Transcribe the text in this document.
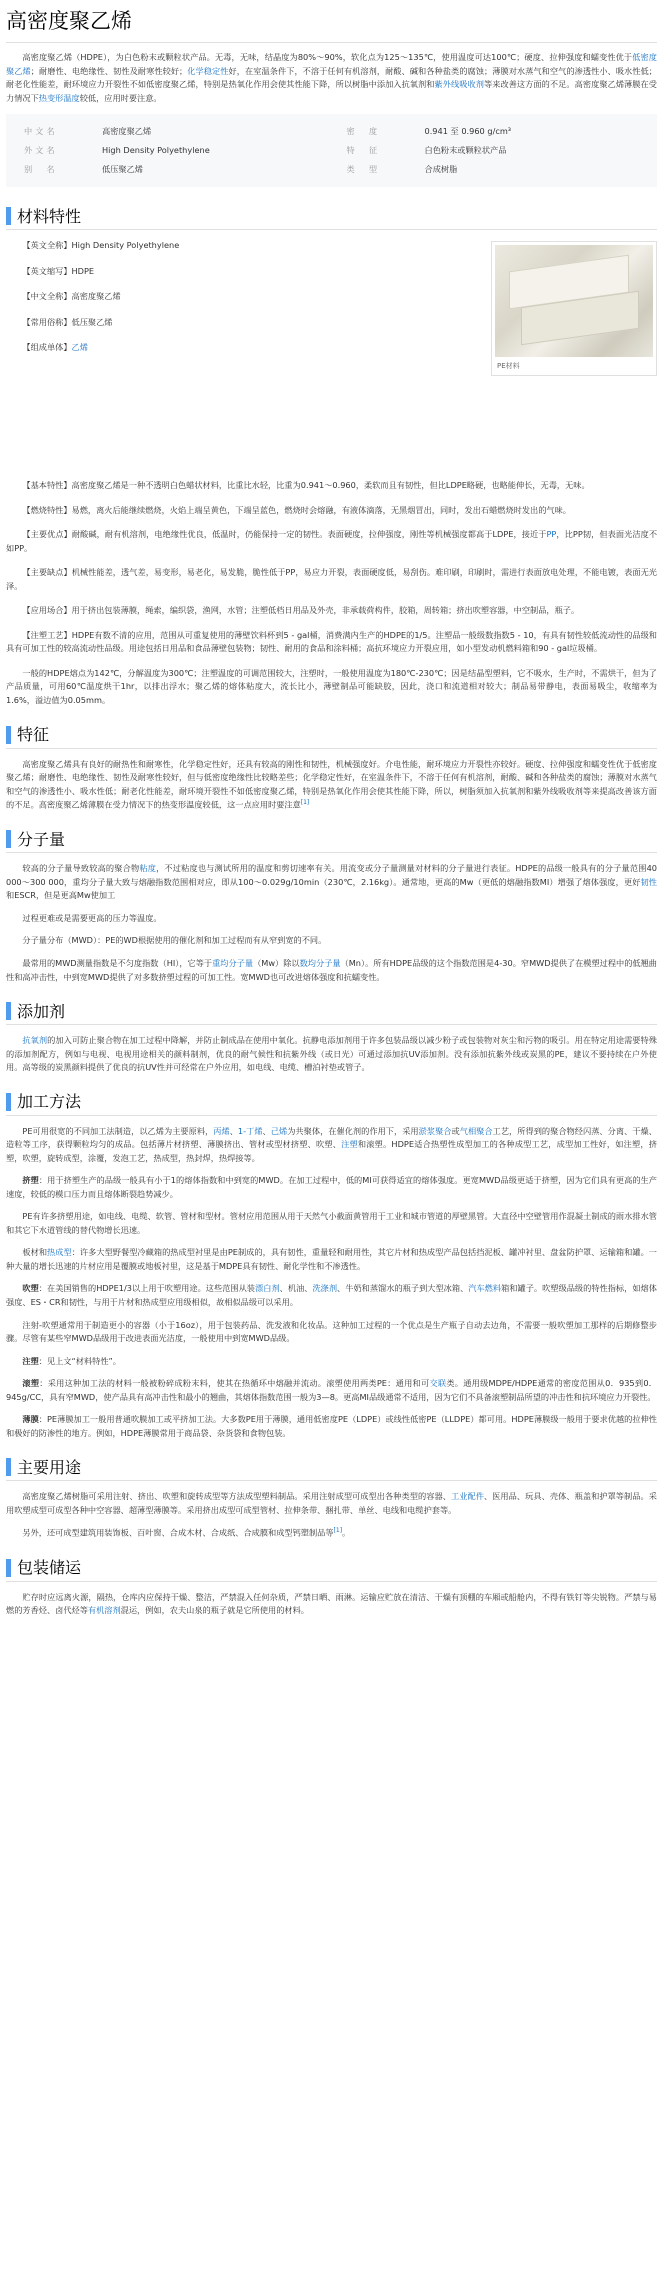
高密度聚乙烯

高密度聚乙烯（HDPE），为白色粉末或颗粒状产品。无毒，无味，结晶度为80%～90%，软化点为125～135℃，使用温度可达100℃；硬度、拉伸强度和蠕变性优于低密度聚乙烯；耐磨性、电绝缘性、韧性及耐寒性较好；化学稳定性好，在室温条件下，不溶于任何有机溶剂，耐酸、碱和各种盐类的腐蚀；薄膜对水蒸气和空气的渗透性小、吸水性低；耐老化性能差，耐环境应力开裂性不如低密度聚乙烯，特别是热氧化作用会使其性能下降，所以树脂中添加入抗氧剂和紫外线吸收剂等来改善这方面的不足。高密度聚乙烯薄膜在受力情况下热变形温度较低，应用时要注意。

中文名	高密度聚乙烯	密　度	0.941 至 0.960 g/cm³
外文名	High Density Polyethylene	特　征	白色粉末或颗粒状产品
别　名	低压聚乙烯	类　型	合成树脂
材料特性
PE材料

【英文全称】High Density Polyethylene

【英文缩写】HDPE

【中文全称】高密度聚乙烯

【常用俗称】低压聚乙烯

【组成单体】乙烯

【基本特性】高密度聚乙烯是一种不透明白色蜡状材料，比重比水轻，比重为0.941～0.960，柔软而且有韧性，但比LDPE略硬，也略能伸长，无毒，无味。

【燃烧特性】易燃，离火后能继续燃烧，火焰上端呈黄色，下端呈蓝色，燃烧时会熔融，有液体滴落，无黑烟冒出，同时，发出石蜡燃烧时发出的气味。

【主要优点】耐酸碱，耐有机溶剂，电绝缘性优良，低温时，仍能保持一定的韧性。表面硬度，拉伸强度，刚性等机械强度都高于LDPE，接近于PP，比PP韧，但表面光洁度不如PP。

【主要缺点】机械性能差，透气差，易变形，易老化，易发脆，脆性低于PP，易应力开裂，表面硬度低，易刮伤。难印刷，印刷时，需进行表面放电处理，不能电镀，表面无光泽。

【应用场合】用于挤出包装薄膜，绳索，编织袋，渔网，水管；注塑低档日用品及外壳，非承载荷构件，胶箱，周转箱；挤出吹塑容器，中空制品，瓶子。

【注塑工艺】HDPE有数不清的应用，范围从可重复使用的薄壁饮料杯到5 - gal桶，消费满内生产的HDPE的1/5。注塑品一般级数指数5 - 10，有具有韧性较低流动性的品级和具有可加工性的较高流动性品级。用途包括日用品和食品薄壁包装物；韧性、耐用的食品和涂料桶；高抗环境应力开裂应用，如小型发动机燃料箱和90 - gal垃圾桶。

一般的HDPE熔点为142℃，分解温度为300℃；注塑温度的可调范围较大，注塑时，一般使用温度为180℃-230℃；因是结晶型塑料，它不吸水，生产时，不需烘干，但为了产品质量，可用60℃温度烘干1hr，以排出浮水；聚乙烯的熔体粘度大，流长比小，薄壁制品可能缺胶，因此，浇口和流道相对较大；制品易带静电，表面易吸尘，收缩率为1.6%，溢边值为0.05mm。

特征

高密度聚乙烯具有良好的耐热性和耐寒性，化学稳定性好，还具有较高的刚性和韧性，机械强度好。介电性能，耐环境应力开裂性亦较好。硬度、拉伸强度和蠕变性优于低密度聚乙烯；耐磨性、电绝缘性、韧性及耐寒性较好，但与低密度绝缘性比较略差些；化学稳定性好，在室温条件下，不溶于任何有机溶剂，耐酸、碱和各种盐类的腐蚀；薄膜对水蒸气和空气的渗透性小、吸水性低；耐老化性能差，耐环境开裂性不如低密度聚乙烯，特别是热氧化作用会使其性能下降，所以，树脂须加入抗氧剂和紫外线吸收剂等来提高改善该方面的不足。高密度聚乙烯薄膜在受力情况下的热变形温度较低，这一点应用时要注意[1]

分子量

较高的分子量导致较高的聚合物粘度，不过粘度也与测试所用的温度和剪切速率有关。用流变或分子量测量对材料的分子量进行表征。HDPE的品级一般具有的分子量范围40 000～300 000，重均分子量大致与熔融指数范围相对应，即从100～0.029g/10min（230℃，2.16kg）。通常地，更高的Mw（更低的熔融指数MI）增强了熔体强度，更好韧性和ESCR，但是更高Mw使加工

过程更难或是需要更高的压力等温度。

分子量分布（MWD）：PE的WD根据使用的催化剂和加工过程而有从窄到宽的不同。

最常用的MWD测量指数是不匀度指数（HI），它等于重均分子量（Mw）除以数均分子量（Mn）。所有HDPE品级的这个指数范围是4-30。窄MWD提供了在模塑过程中的低翘曲性和高冲击性，中到宽MWD提供了对多数挤塑过程的可加工性。宽MWD也可改进熔体强度和抗蠕变性。

添加剂

抗氧剂的加入可防止聚合物在加工过程中降解，并防止制成品在使用中氧化。抗静电添加剂用于许多包装品级以减少粉子或包装物对灰尘和污物的吸引。用在特定用途需要特殊的添加剂配方，例如与电视、电视用途相关的颜料制剂，优良的耐气候性和抗紫外线（或日光）可通过添加抗UV添加剂。没有添加抗紫外线或炭黑的PE，建议不要持续在户外使用。高等级的炭黑颜料提供了优良的抗UV性并可经常在户外应用，如电线、电缆、槽泊衬垫或管子。

加工方法

PE可用很宽的不同加工法制造，以乙烯为主要原料，丙烯、1-丁烯、己烯为共聚体，在催化剂的作用下，采用淤浆聚合或气相聚合工艺，所得到的聚合物经闪蒸、分离、干燥、造粒等工序，获得颗粒均匀的成品。包括薄片材挤塑、薄膜挤出、管材或型材挤塑、吹塑、注塑和滚塑。HDPE适合热塑性成型加工的各种成型工艺，成型加工性好，如注塑，挤塑，吹塑，旋转成型，涂覆，发泡工艺，热成型，热封焊，热焊接等。

挤塑：用于挤塑生产的品级一般具有小于1的熔体指数和中到宽的MWD。在加工过程中，低的MI可获得适宜的熔体强度。更宽MWD品级更适于挤塑，因为它们具有更高的生产速度，较低的模口压力而且熔体断裂趋势减少。

PE有许多挤塑用途，如电线、电缆、软管、管材和型材。管材应用范围从用于天然气小截面黄管用于工业和城市管道的厚壁黑管。大直径中空壁管用作混凝土制成的雨水排水管和其它下水道管线的替代物增长迅速。

板材和热成型：许多大型野餐型冷藏箱的热成型衬里是由PE制成的，具有韧性，重量轻和耐用性，其它片材和热成型产品包括挡泥板、罐冲衬里、盘盆防护罩、运输箱和罐。一种大量的增长迅速的片材应用是覆膜或地板衬里，这是基于MDPE具有韧性、耐化学性和不渗透性。

吹塑：在美国销售的HDPE1/3以上用于吹塑用途。这些范围从装漂白剂、机油、洗涤剂、牛奶和蒸馏水的瓶子到大型冰箱、汽车燃料箱和罐子。吹塑级品级的特性指标，如熔体强度、ES・CR和韧性，与用于片材和热成型应用级相似，故相似品级可以采用。

注射-吹塑通常用于制造更小的容器（小于16oz），用于包装药品、洗发液和化妆品。这种加工过程的一个优点是生产瓶子自动去边角，不需要一般吹塑加工那样的后期修整步骤。尽管有某些窄MWD品级用于改进表面光洁度，一般使用中到宽MWD品级。

注塑：见上文“材料特性”。

滚塑：采用这种加工法的材料一般被粉碎成粉末料，使其在热循环中熔融并流动。滚塑使用两类PE：通用和可交联类。通用级MDPE/HDPE通常的密度范围从0．935到0．945g/CC，具有窄MWD，使产品具有高冲击性和最小的翘曲，其熔体指数范围一般为3—8。更高MI品级通常不适用，因为它们不具备滚塑制品所望的冲击性和抗环境应力开裂性。

薄膜：PE薄膜加工一般用普通吹膜加工或平挤加工法。大多数PE用于薄膜，通用低密度PE（LDPE）或线性低密PE（LLDPE）都可用。HDPE薄膜级一般用于要求优越的拉伸性和极好的防渗性的地方。例如，HDPE薄膜常用于商品袋、杂货袋和食物包装。

主要用途

高密度聚乙烯树脂可采用注射、挤出、吹塑和旋转成型等方法成型塑料制品。采用注射成型可成型出各种类型的容器、工业配件、医用品、玩具、壳体、瓶盖和护罩等制品。采用吹塑成型可成型各种中空容器、超薄型薄膜等。采用挤出成型可成型管材、拉伸条带、捆扎带、单丝、电线和电缆护套等。

另外，还可成型建筑用装饰板、百叶窗、合成木材、合成纸、合成膜和成型钙塑制品等[1]。

包装储运

贮存时应远离火源，隔热，仓库内应保持干燥、整洁，严禁混入任何杂质，严禁日晒、雨淋。运输应贮放在清洁、干燥有顶棚的车厢或船舱内，不得有铁钉等尖锐物。严禁与易燃的芳香烃、卤代烃等有机溶剂混运，例如，农夫山泉的瓶子就是它所使用的材料。
